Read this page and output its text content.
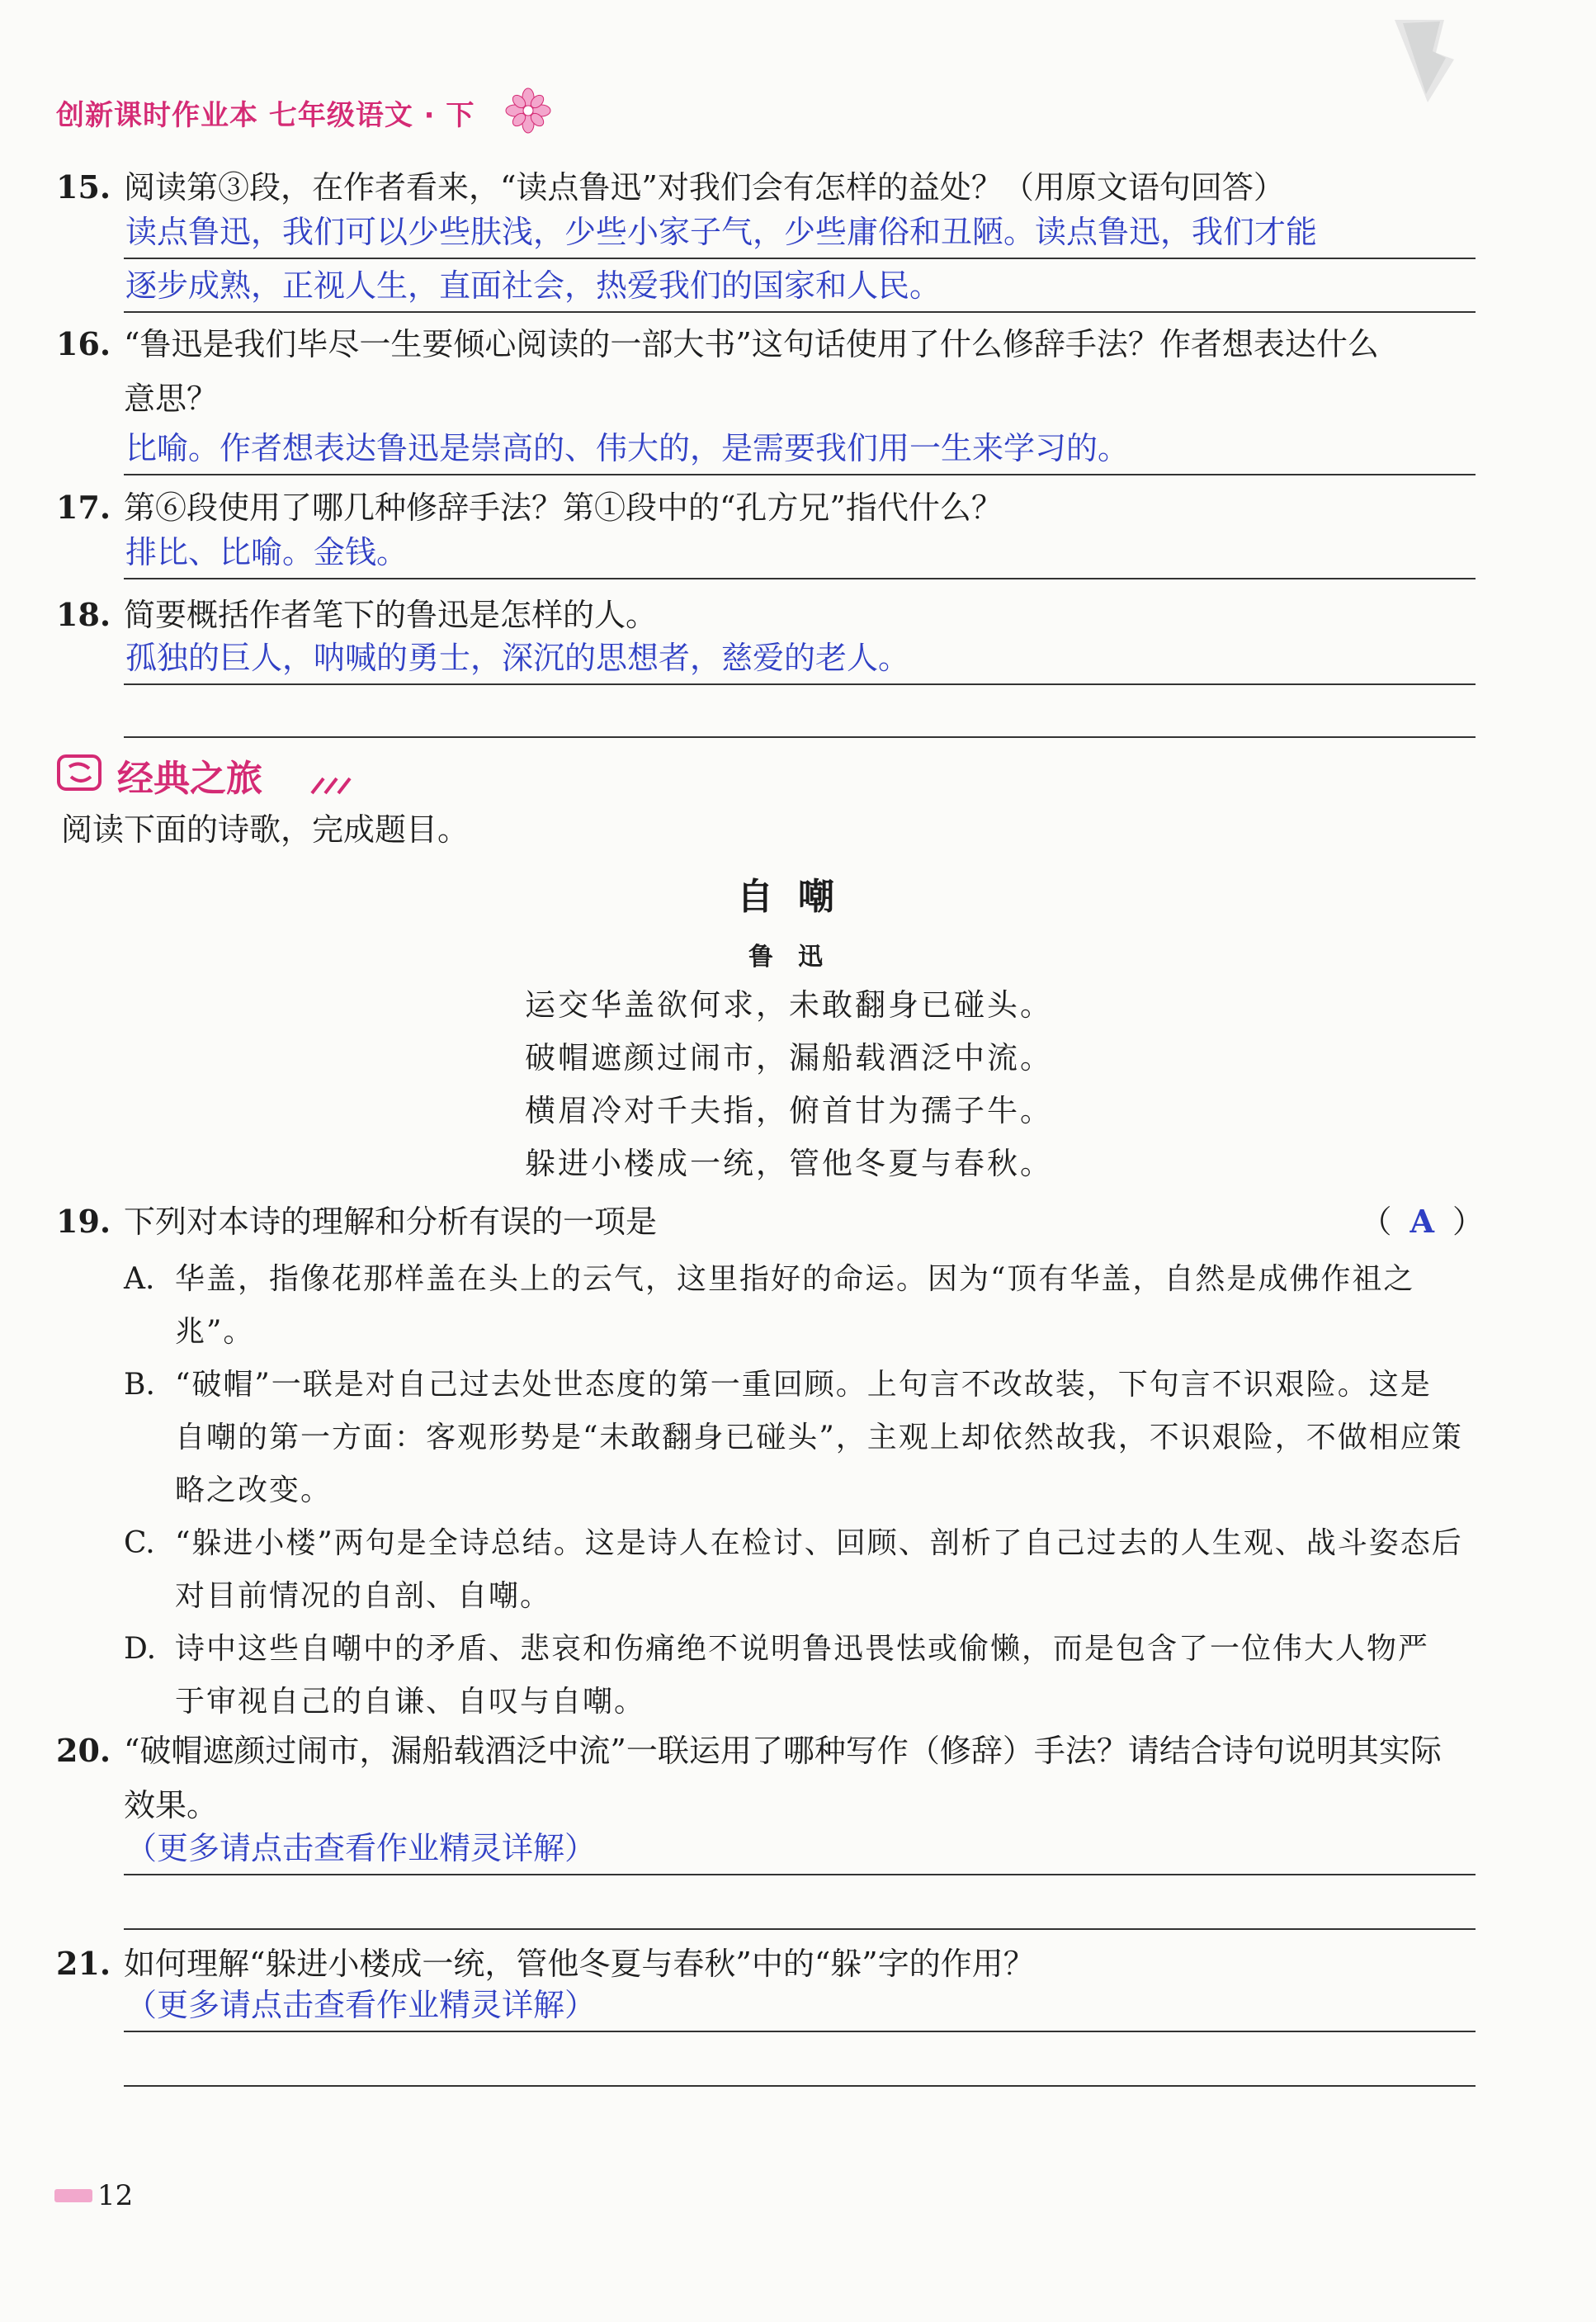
创新课时作业本 七年级语文 · 下
15. 阅读第③段，在作者看来，“读点鲁迅”对我们会有怎样的益处？（用原文语句回答）
读点鲁迅，我们可以少些肤浅，少些小家子气，少些庸俗和丑陋。读点鲁迅，我们才能
逐步成熟，正视人生，直面社会，热爱我们的国家和人民。
16. “鲁迅是我们毕尽一生要倾心阅读的一部大书”这句话使用了什么修辞手法？作者想表达什么
意思？
比喻。作者想表达鲁迅是崇高的、伟大的，是需要我们用一生来学习的。
17. 第⑥段使用了哪几种修辞手法？第①段中的“孔方兄”指代什么？
排比、比喻。金钱。
18. 简要概括作者笔下的鲁迅是怎样的人。
孤独的巨人，呐喊的勇士，深沉的思想者，慈爱的老人。
经典之旅
阅读下面的诗歌，完成题目。
自嘲
鲁迅
运交华盖欲何求，未敢翻身已碰头。
破帽遮颜过闹市，漏船载酒泛中流。
横眉冷对千夫指，俯首甘为孺子牛。
躲进小楼成一统，管他冬夏与春秋。
19. 下列对本诗的理解和分析有误的一项是	（ A ）
A. 华盖，指像花那样盖在头上的云气，这里指好的命运。因为“顶有华盖，自然是成佛作祖之
兆”。
B. “破帽”一联是对自己过去处世态度的第一重回顾。上句言不改故装，下句言不识艰险。这是
自嘲的第一方面：客观形势是“未敢翻身已碰头”，主观上却依然故我，不识艰险，不做相应策
略之改变。
C. “躲进小楼”两句是全诗总结。这是诗人在检讨、回顾、剖析了自己过去的人生观、战斗姿态后
对目前情况的自剖、自嘲。
D. 诗中这些自嘲中的矛盾、悲哀和伤痛绝不说明鲁迅畏怯或偷懒，而是包含了一位伟大人物严
于审视自己的自谦、自叹与自嘲。
20. “破帽遮颜过闹市，漏船载酒泛中流”一联运用了哪种写作（修辞）手法？请结合诗句说明其实际
效果。
（更多请点击查看作业精灵详解）
21. 如何理解“躲进小楼成一统，管他冬夏与春秋”中的“躲”字的作用？
（更多请点击查看作业精灵详解）
12
